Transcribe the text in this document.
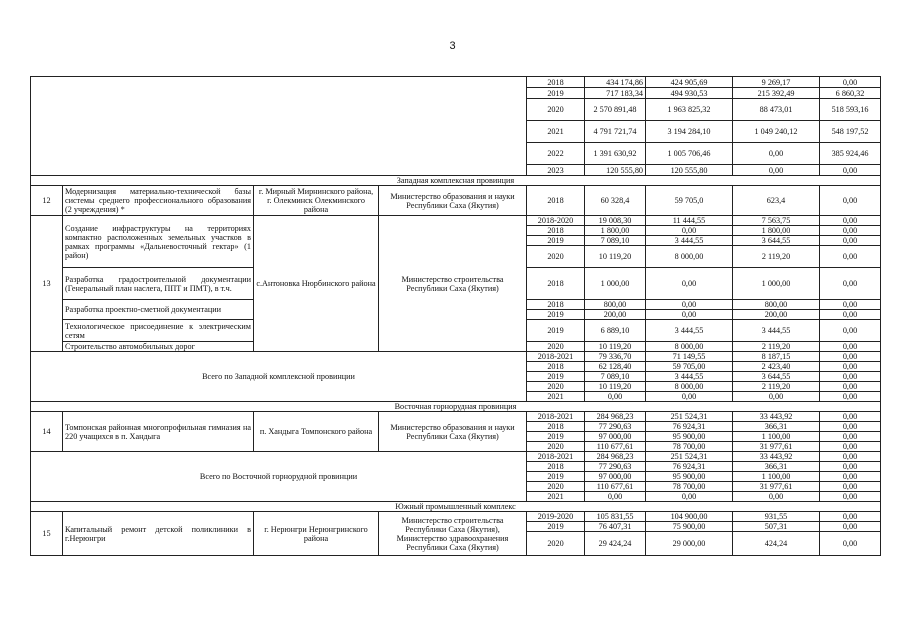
3
				2018	434 174,86	424 905,69	9 269,17	0,00
				2019	717 183,34	494 930,53	215 392,49	6 860,32
				2020	2 570 891,48	1 963 825,32	88 473,01	518 593,16
				2021	4 791 721,74	3 194 284,10	1 049 240,12	548 197,52
				2022	1 391 630,92	1 005 706,46	0,00	385 924,46
				2023	120 555,80	120 555,80	0,00	0,00
Западная комплексная провинция								
12	Модернизация материально-технической базы системы среднего профессионального образования (2 учреждения) *	г. Мирный Мирнинского района, г. Олекминск Олекминского района	Министерство образования и науки Республики Саха (Якутия)	2018	60 328,4	59 705,0	623,4	0,00
13	Создание инфраструктуры на территориях компактно расположенных земельных участков в рамках программы «Дальневосточный гектар» (1 район)	с.Антоновка Нюрбинского района	Министерство строительства Республики Саха (Якутия)	2018-2020	19 008,30	11 444,55	7 563,75	0,00
				2018	1 800,00	0,00	1 800,00	0,00
				2019	7 089,10	3 444,55	3 644,55	0,00
				2020	10 119,20	8 000,00	2 119,20	0,00
	Разработка градостроительной документации (Генеральный план наслега, ППТ и ПМТ), в т.ч.			2018	1 000,00	0,00	1 000,00	0,00
	Разработка проектно-сметной документации			2018	800,00	0,00	800,00	0,00
				2019	200,00	0,00	200,00	0,00
	Технологическое присоединение к электрическим сетям			2019	6 889,10	3 444,55	3 444,55	0,00
	Строительство автомобильных дорог			2020	10 119,20	8 000,00	2 119,20	0,00
Всего по Западной комплексной провинции				2018-2021	79 336,70	71 149,55	8 187,15	0,00
				2018	62 128,40	59 705,00	2 423,40	0,00
				2019	7 089,10	3 444,55	3 644,55	0,00
				2020	10 119,20	8 000,00	2 119,20	0,00
				2021	0,00	0,00	0,00	0,00
Восточная горнорудная провинция								
14	Томпонская районная многопрофильная гимназия на 220 учащихся в п. Хандыга	п. Хандыга Томпонского района	Министерство образования и науки Республики Саха (Якутия)	2018-2021	284 968,23	251 524,31	33 443,92	0,00
				2018	77 290,63	76 924,31	366,31	0,00
				2019	97 000,00	95 900,00	1 100,00	0,00
				2020	110 677,61	78 700,00	31 977,61	0,00
Всего по Восточной горнорудной провинции				2018-2021	284 968,23	251 524,31	33 443,92	0,00
				2018	77 290,63	76 924,31	366,31	0,00
				2019	97 000,00	95 900,00	1 100,00	0,00
				2020	110 677,61	78 700,00	31 977,61	0,00
				2021	0,00	0,00	0,00	0,00
Южный промышленный комплекс								
15	Капитальный ремонт детской поликлиники в г.Нерюнгри	г. Нерюнгри Нерюнгринского района	Министерство строительства Республики Саха (Якутия), Министерство здравоохранения Республики Саха (Якутия)	2019-2020	105 831,55	104 900,00	931,55	0,00
				2019	76 407,31	75 900,00	507,31	0,00
				2020	29 424,24	29 000,00	424,24	0,00
